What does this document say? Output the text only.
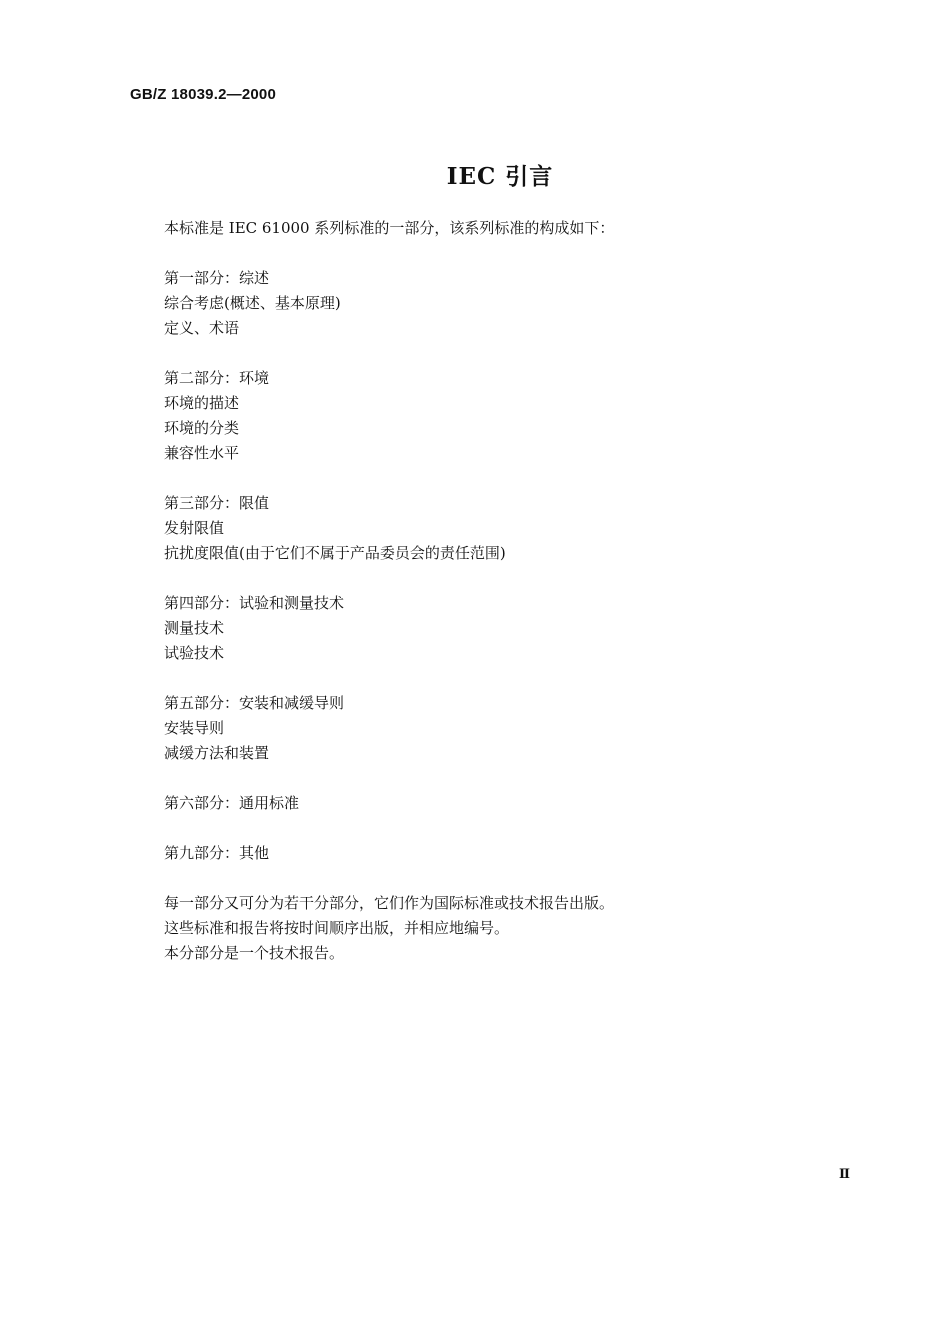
GB/Z 18039.2—2000
IEC 引言
本标准是 IEC 61000 系列标准的一部分，该系列标准的构成如下：
第一部分：综述
综合考虑(概述、基本原理)
定义、术语
第二部分：环境
环境的描述
环境的分类
兼容性水平
第三部分：限值
发射限值
抗扰度限值(由于它们不属于产品委员会的责任范围)
第四部分：试验和测量技术
测量技术
试验技术
第五部分：安装和减缓导则
安装导则
减缓方法和装置
第六部分：通用标准
第九部分：其他
每一部分又可分为若干分部分，它们作为国际标准或技术报告出版。
这些标准和报告将按时间顺序出版，并相应地编号。
本分部分是一个技术报告。
Ⅱ
